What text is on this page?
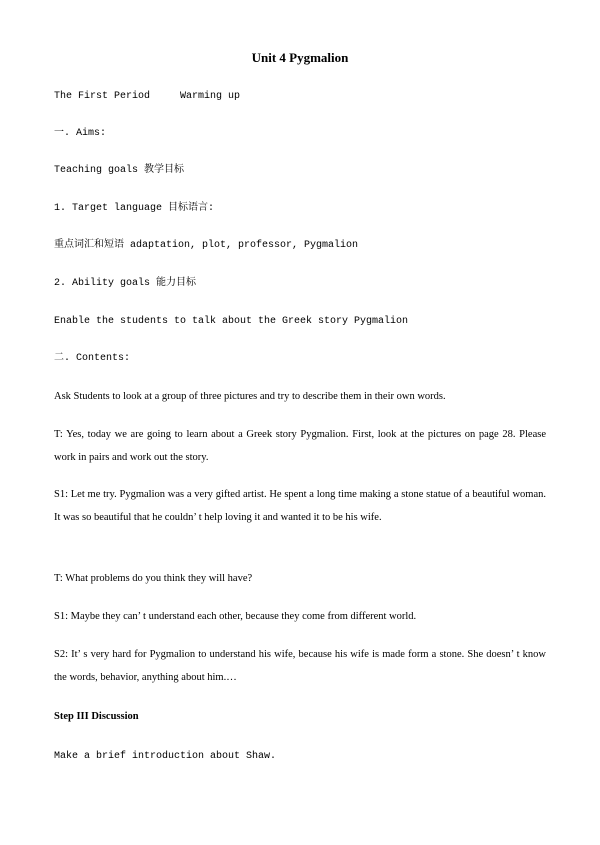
Unit 4 Pygmalion
The First Period     Warming up
一. Aims:
Teaching goals 教学目标
1. Target language 目标语言:
重点词汇和短语 adaptation, plot, professor, Pygmalion
2. Ability goals 能力目标
Enable the students to talk about the Greek story Pygmalion
二. Contents:
Ask Students to look at a group of three pictures and try to describe them in their own words.
T: Yes, today we are going to learn about a Greek story Pygmalion. First, look at the pictures on page 28. Please work in pairs and work out the story.
S1: Let me try. Pygmalion was a very gifted artist. He spent a long time making a stone statue of a beautiful woman. It was so beautiful that he couldn’ t help loving it and wanted it to be his wife.
T: What problems do you think they will have?
S1: Maybe they can’ t understand each other, because they come from different world.
S2: It’ s very hard for Pygmalion to understand his wife, because his wife is made form a stone. She doesn’ t know the words, behavior, anything about him.…
Step III Discussion
Make a brief introduction about Shaw.
